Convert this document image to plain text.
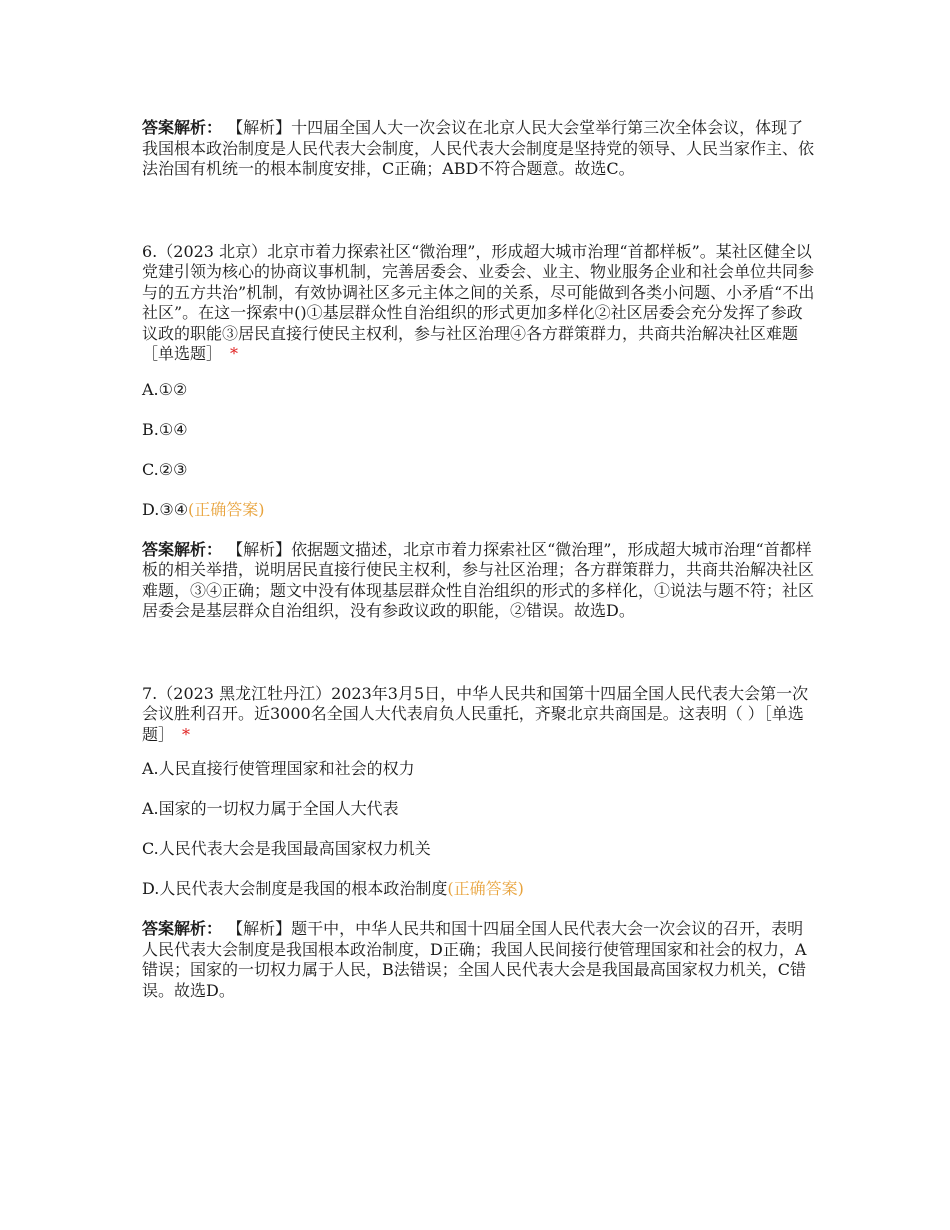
答案解析： 【解析】十四届全国人大一次会议在北京人民大会堂举行第三次全体会议，体现了我国根本政治制度是人民代表大会制度，人民代表大会制度是坚持党的领导、人民当家作主、依法治国有机统一的根本制度安排，C正确；ABD不符合题意。故选C。

6.（2023 北京）北京市着力探索社区“微治理”，形成超大城市治理“首都样板”。某社区健全以党建引领为核心的协商议事机制，完善居委会、业委会、业主、物业服务企业和社会单位共同参与的五方共治”机制，有效协调社区多元主体之间的关系，尽可能做到各类小问题、小矛盾“不出社区”。在这一探索中()①基层群众性自治组织的形式更加多样化②社区居委会充分发挥了参政议政的职能③居民直接行使民主权利，参与社区治理④各方群策群力，共商共治解决社区难题［单选题］ *

A.①②
B.①④
C.②③
D.③④(正确答案)

答案解析： 【解析】依据题文描述，北京市着力探索社区“微治理”，形成超大城市治理“首都样板的相关举措，说明居民直接行使民主权利，参与社区治理；各方群策群力，共商共治解决社区难题，③④正确；题文中没有体现基层群众性自治组织的形式的多样化，①说法与题不符；社区居委会是基层群众自治组织，没有参政议政的职能，②错误。故选D。

7.（2023 黑龙江牡丹江）2023年3月5日，中华人民共和国第十四届全国人民代表大会第一次会议胜利召开。近3000名全国人大代表肩负人民重托，齐聚北京共商国是。这表明（ ）［单选题］ *

A.人民直接行使管理国家和社会的权力
A.国家的一切权力属于全国人大代表
C.人民代表大会是我国最高国家权力机关
D.人民代表大会制度是我国的根本政治制度(正确答案)

答案解析： 【解析】题干中，中华人民共和国十四届全国人民代表大会一次会议的召开，表明人民代表大会制度是我国根本政治制度，D正确；我国人民间接行使管理国家和社会的权力，A错误；国家的一切权力属于人民，B法错误；全国人民代表大会是我国最高国家权力机关，C错误。故选D。
